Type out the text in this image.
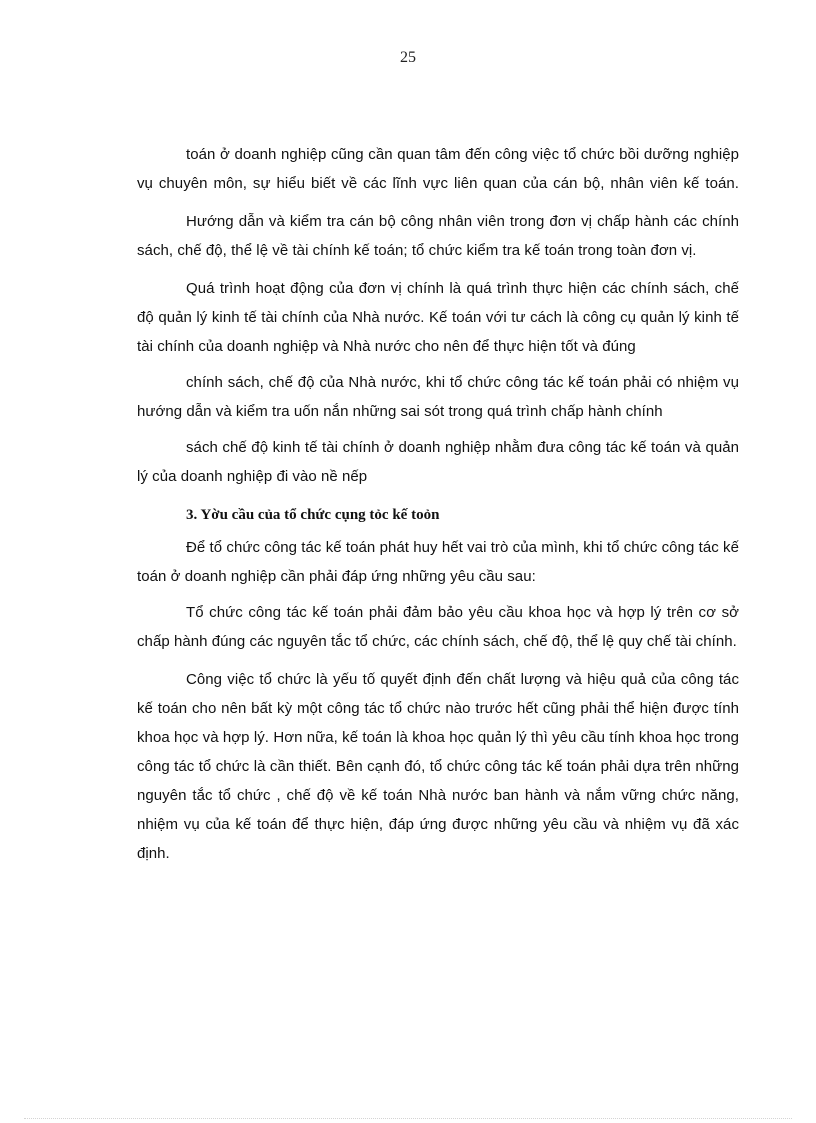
25

toán ở doanh nghiệp cũng cần quan tâm đến công việc tổ chức bồi dưỡng nghiệp vụ chuyên môn, sự hiểu biết về các lĩnh vực liên quan của cán bộ, nhân viên kế toán.

Hướng dẫn và kiểm tra cán bộ công nhân viên trong đơn vị chấp hành các chính sách, chế độ, thể lệ về tài chính kế toán; tổ chức kiểm tra kế toán trong toàn đơn vị.

Quá trình hoạt động của đơn vị chính là quá trình thực hiện các chính sách, chế độ quản lý kinh tế tài chính của Nhà nước. Kế toán với tư cách là công cụ quản lý kinh tế tài chính của doanh nghiệp và Nhà nước cho nên để thực hiện tốt và đúng

chính sách, chế độ của Nhà nước, khi tổ chức công tác kế toán phải có nhiệm vụ hướng dẫn và kiểm tra uốn nắn những sai sót trong quá trình chấp hành chính

sách chế độ kinh tế tài chính ở doanh nghiệp nhằm đưa công tác kế toán và quản lý của doanh nghiệp đi vào nề nếp

3. Yờu cầu của tổ chức cụng tỏc kế toỏn

Để tổ chức công tác kế toán phát huy hết vai trò của mình, khi tổ chức công tác kế toán ở doanh nghiệp cần phải đáp ứng những yêu cầu sau:

Tổ chức công tác kế toán phải đảm bảo yêu cầu khoa học và hợp lý trên cơ sở chấp hành đúng các nguyên tắc tổ chức, các chính sách, chế độ, thể lệ quy chế tài chính.

Công việc tổ chức là yếu tố quyết định đến chất lượng và hiệu quả của công tác kế toán cho nên bất kỳ một công tác tổ chức nào trước hết cũng phải thể hiện được tính khoa học và hợp lý. Hơn nữa, kế toán là khoa học quản lý thì yêu cầu tính khoa học trong công tác tổ chức là cần thiết. Bên cạnh đó, tổ chức công tác kế toán phải dựa trên những nguyên tắc tổ chức , chế độ về kế toán Nhà nước ban hành và nắm vững chức năng, nhiệm vụ của kế toán để thực hiện, đáp ứng được những yêu cầu và nhiệm vụ đã xác định.
